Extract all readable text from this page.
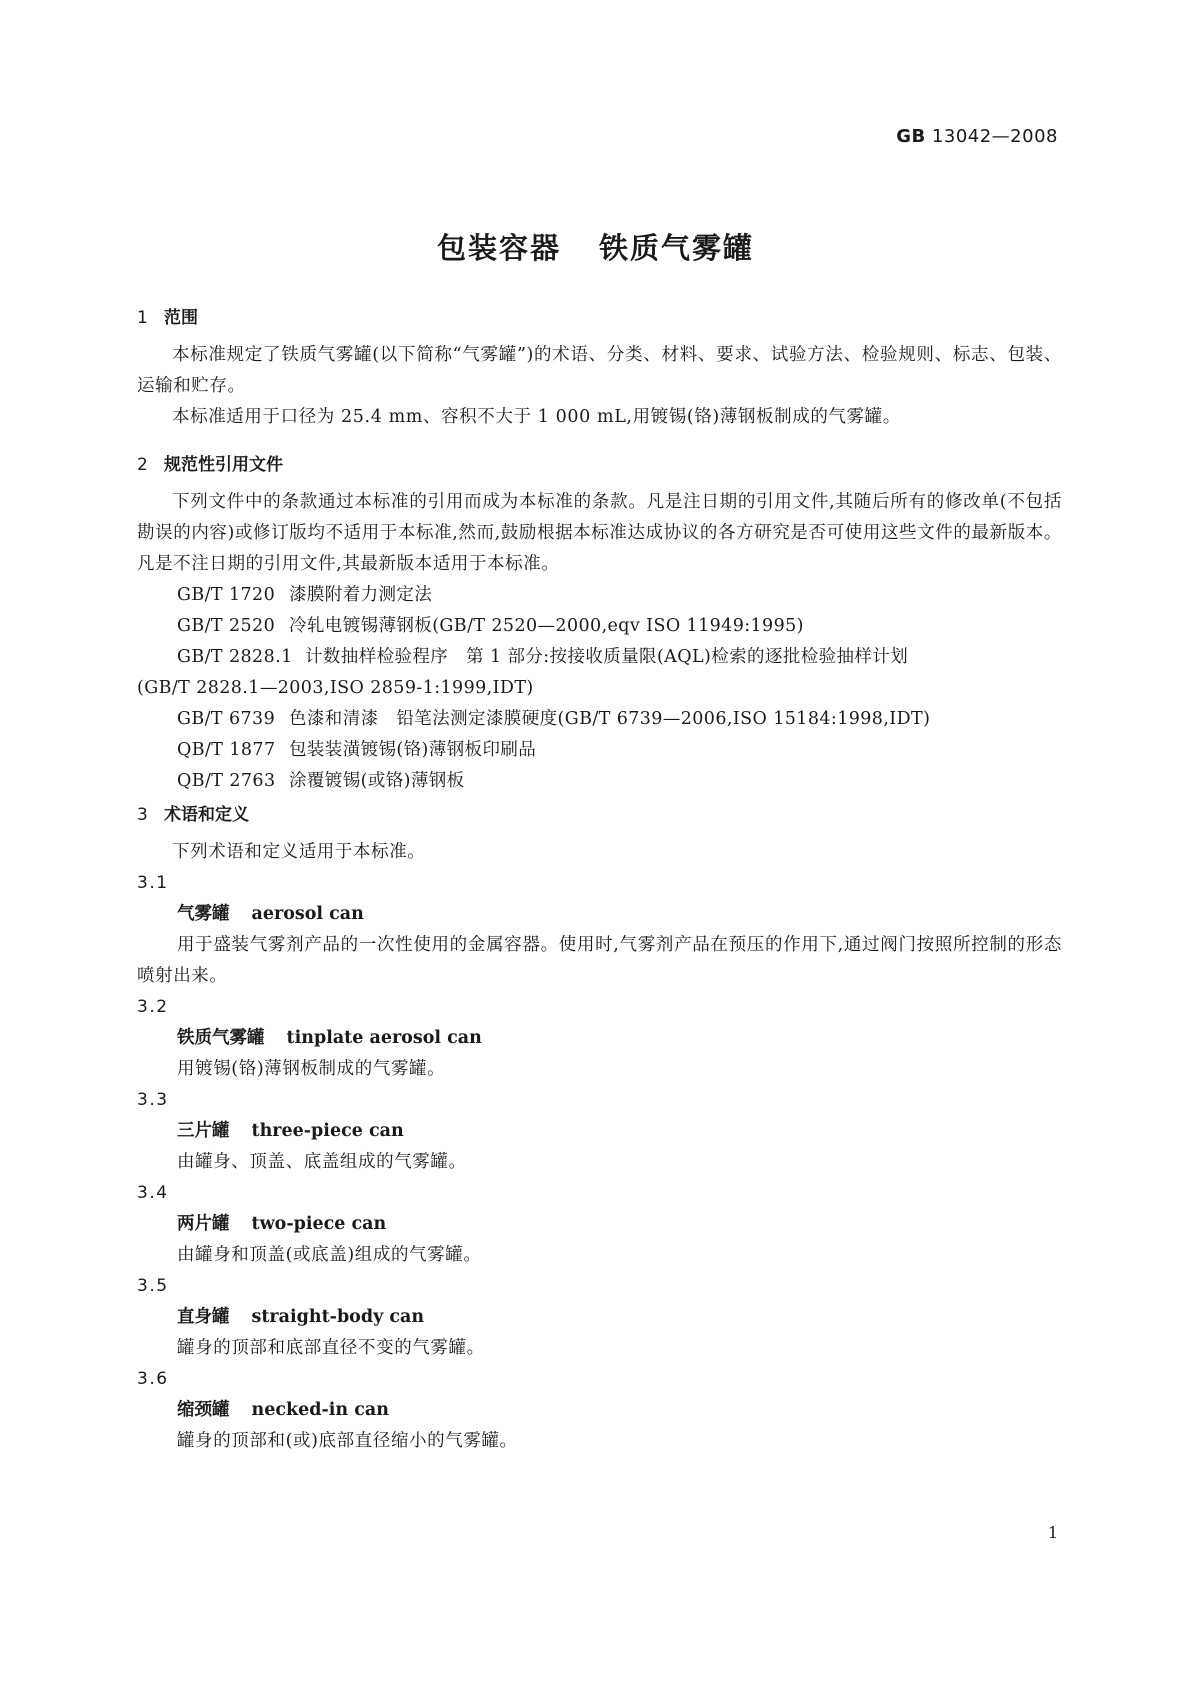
GB 13042—2008
包装容器 铁质气雾罐
1 范围

本标准规定了铁质气雾罐(以下简称“气雾罐”)的术语、分类、材料、要求、试验方法、检验规则、标志、包装、运输和贮存。

本标准适用于口径为 25.4 mm、容积不大于 1 000 mL,用镀锡(铬)薄钢板制成的气雾罐。

2 规范性引用文件

下列文件中的条款通过本标准的引用而成为本标准的条款。凡是注日期的引用文件,其随后所有的修改单(不包括勘误的内容)或修订版均不适用于本标准,然而,鼓励根据本标准达成协议的各方研究是否可使用这些文件的最新版本。凡是不注日期的引用文件,其最新版本适用于本标准。

GB/T 1720 漆膜附着力测定法

GB/T 2520 冷轧电镀锡薄钢板(GB/T 2520—2000,eqv ISO 11949:1995)

GB/T 2828.1 计数抽样检验程序　第 1 部分:按接收质量限(AQL)检索的逐批检验抽样计划

(GB/T 2828.1—2003,ISO 2859-1:1999,IDT)

GB/T 6739 色漆和清漆　铅笔法测定漆膜硬度(GB/T 6739—2006,ISO 15184:1998,IDT)

QB/T 1877 包装装潢镀锡(铬)薄钢板印刷品

QB/T 2763 涂覆镀锡(或铬)薄钢板

3 术语和定义

下列术语和定义适用于本标准。

3.1

气雾罐 aerosol can

用于盛装气雾剂产品的一次性使用的金属容器。使用时,气雾剂产品在预压的作用下,通过阀门按照所控制的形态喷射出来。

3.2

铁质气雾罐 tinplate aerosol can

用镀锡(铬)薄钢板制成的气雾罐。

3.3

三片罐 three-piece can

由罐身、顶盖、底盖组成的气雾罐。

3.4

两片罐 two-piece can

由罐身和顶盖(或底盖)组成的气雾罐。

3.5

直身罐 straight-body can

罐身的顶部和底部直径不变的气雾罐。

3.6

缩颈罐 necked-in can

罐身的顶部和(或)底部直径缩小的气雾罐。

1
